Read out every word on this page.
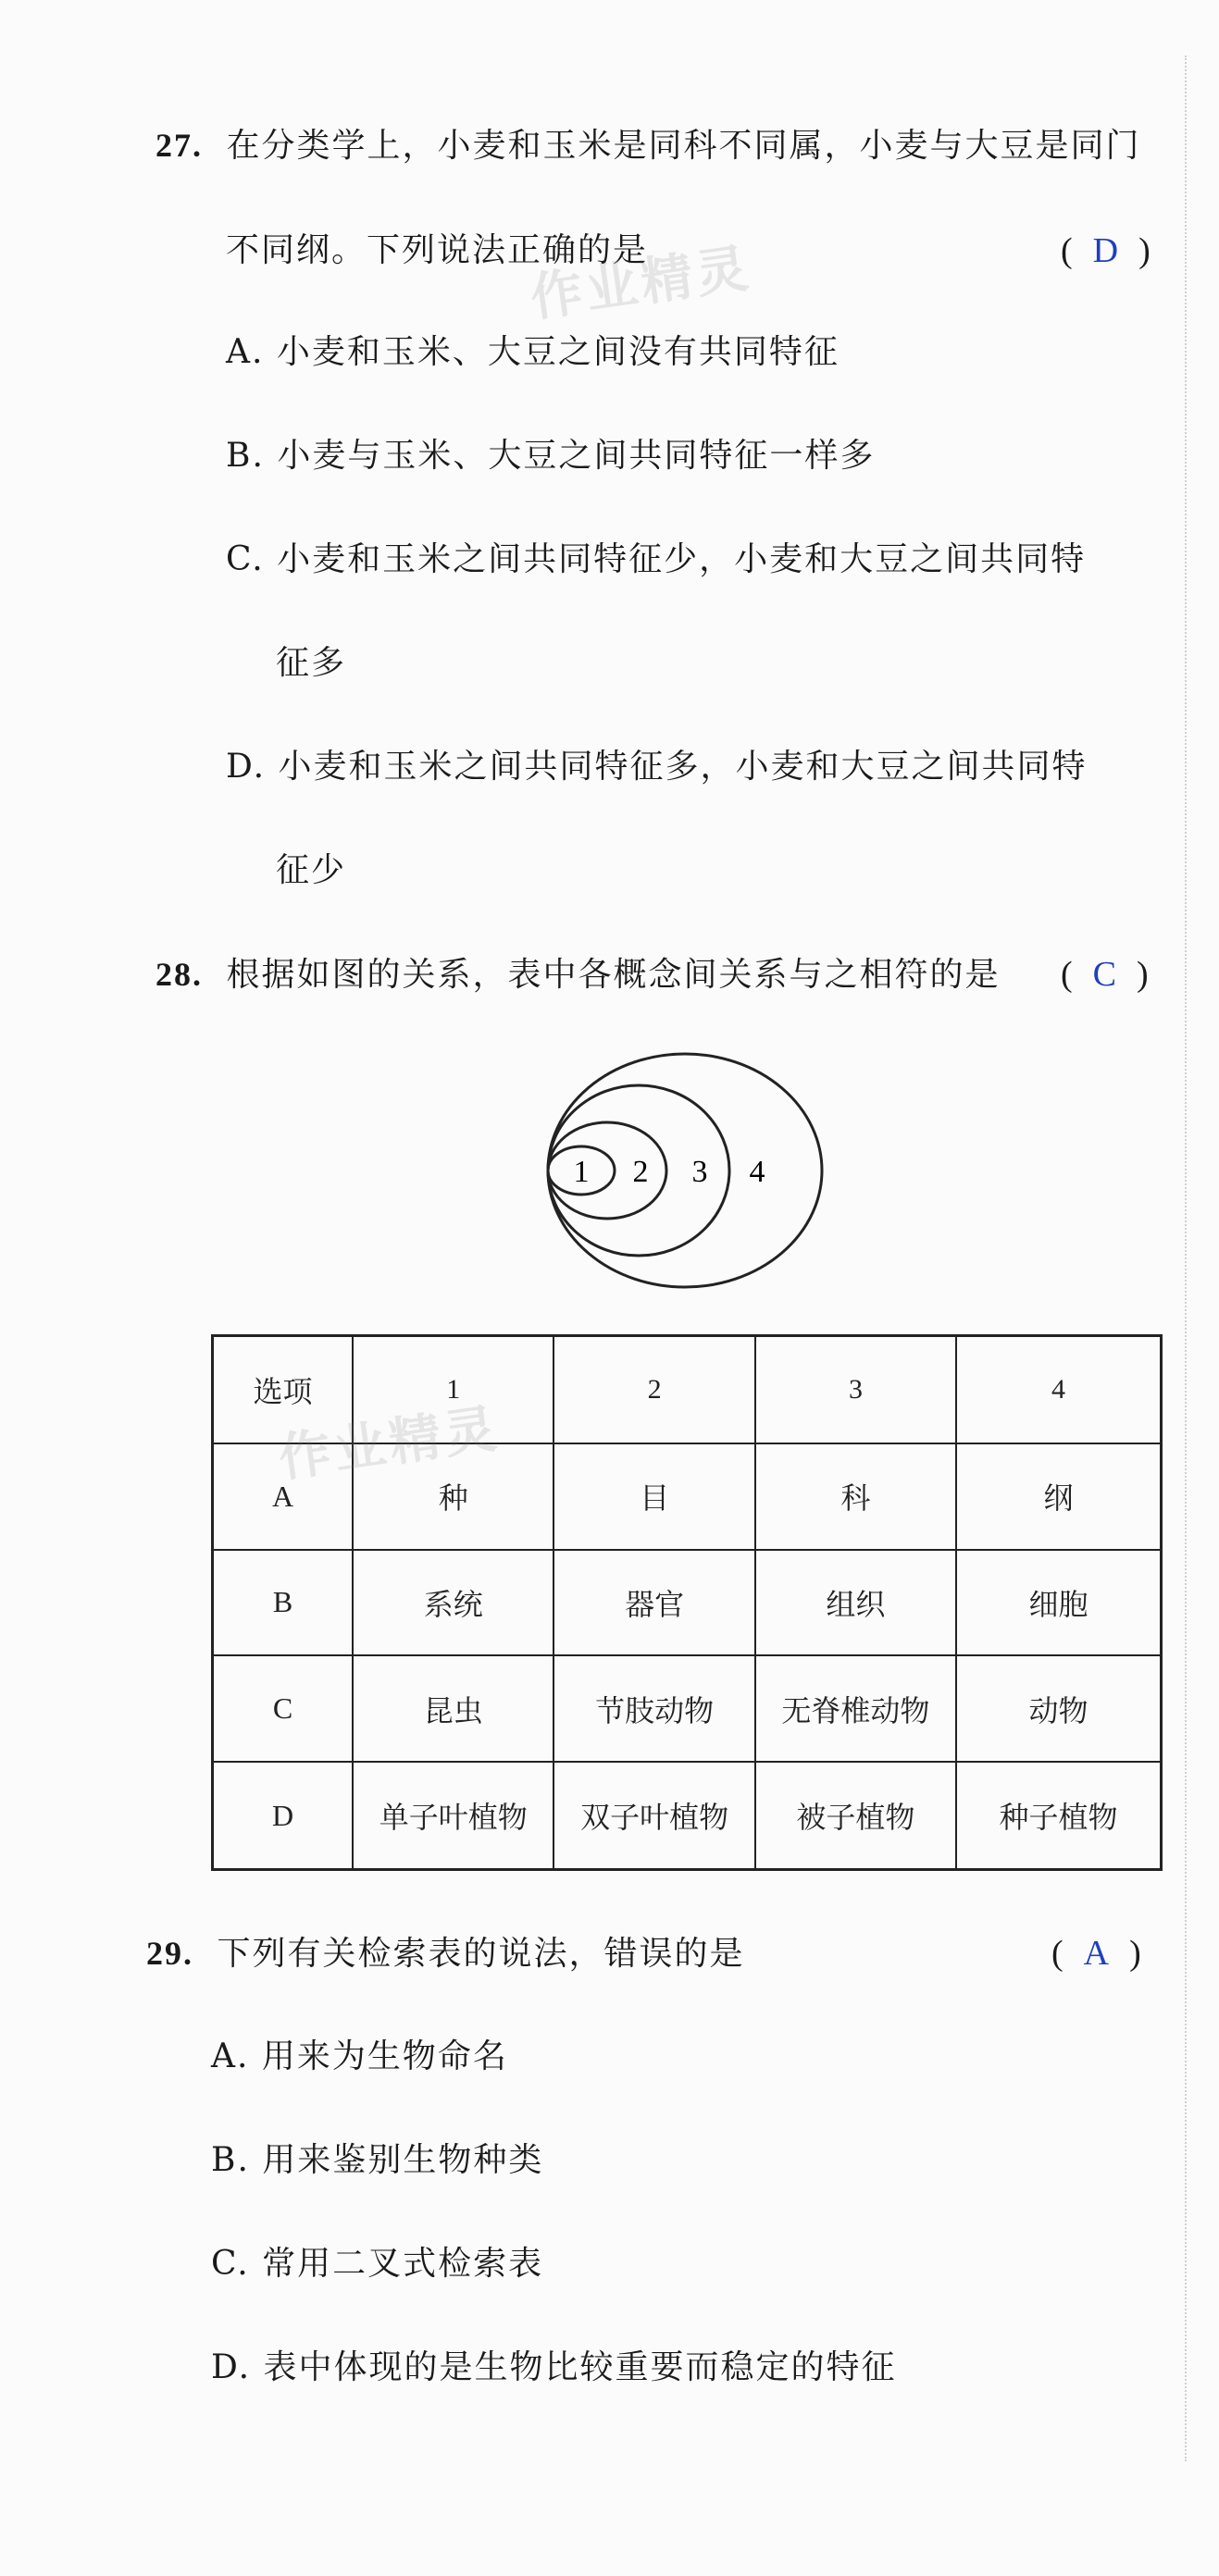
27. 在分类学上，小麦和玉米是同科不同属，小麦与大豆是同门
不同纲。下列说法正确的是	( D )
作业精灵
A. 小麦和玉米、大豆之间没有共同特征
B. 小麦与玉米、大豆之间共同特征一样多
C. 小麦和玉米之间共同特征少，小麦和大豆之间共同特
征多
D. 小麦和玉米之间共同特征多，小麦和大豆之间共同特
征少
28. 根据如图的关系，表中各概念间关系与之相符的是 ( C )
1 2 3 4
选项	1	2	3	4
A	种	目	科	纲
B	系统	器官	组织	细胞
C	昆虫	节肢动物	无脊椎动物	动物
D	单子叶植物	双子叶植物	被子植物	种子植物
作业精灵
29. 下列有关检索表的说法，错误的是	( A )
A. 用来为生物命名
B. 用来鉴别生物种类
C. 常用二叉式检索表
D. 表中体现的是生物比较重要而稳定的特征
